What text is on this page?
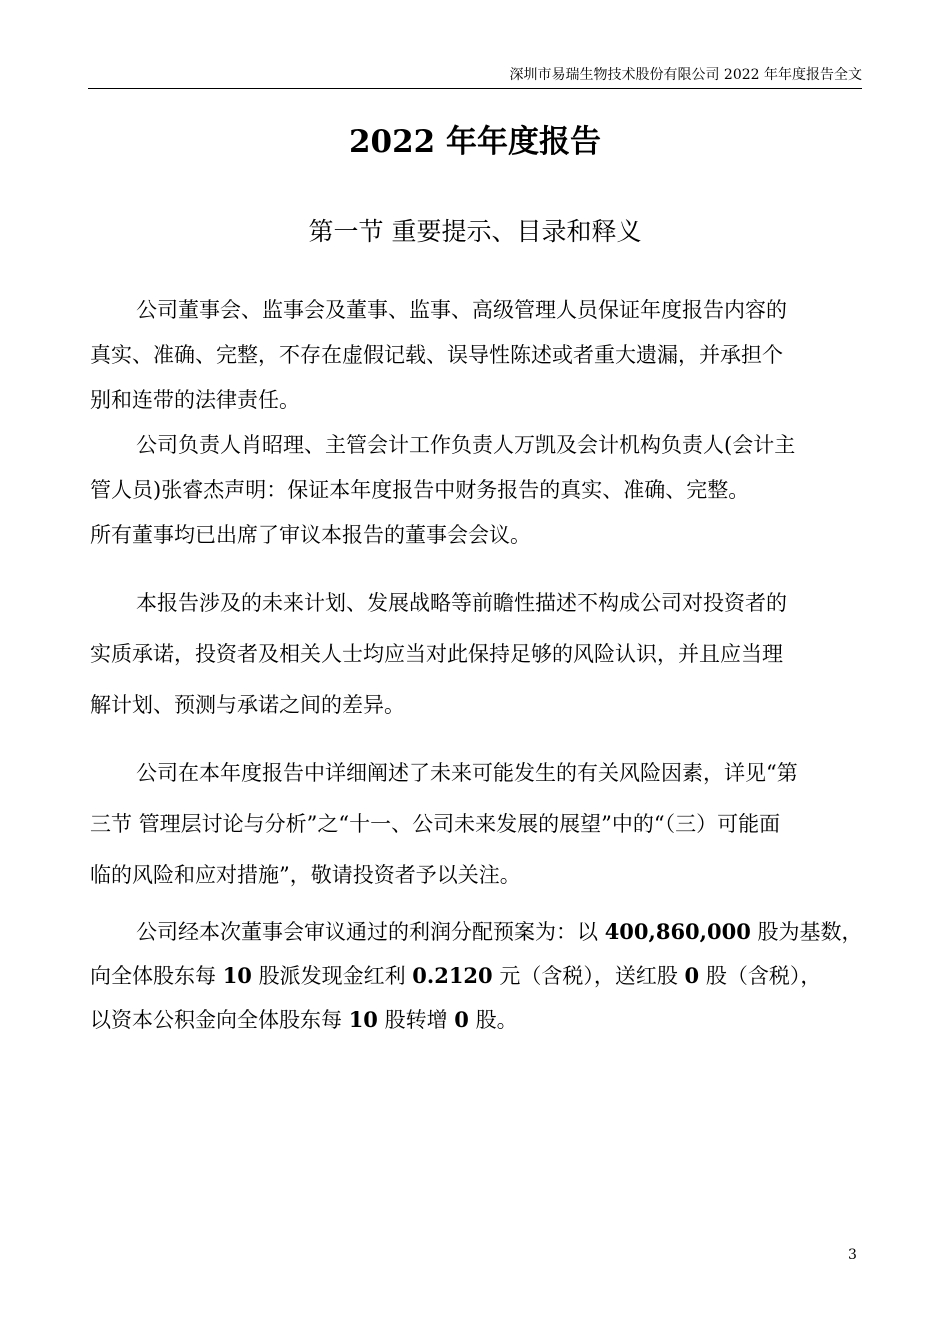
深圳市易瑞生物技术股份有限公司 2022 年年度报告全文
2022 年年度报告
第一节 重要提示、目录和释义
公司董事会、监事会及董事、监事、高级管理人员保证年度报告内容的
真实、准确、完整，不存在虚假记载、误导性陈述或者重大遗漏，并承担个
别和连带的法律责任。
公司负责人肖昭理、主管会计工作负责人万凯及会计机构负责人(会计主
管人员)张睿杰声明：保证本年度报告中财务报告的真实、准确、完整。
所有董事均已出席了审议本报告的董事会会议。
本报告涉及的未来计划、发展战略等前瞻性描述不构成公司对投资者的
实质承诺，投资者及相关人士均应当对此保持足够的风险认识，并且应当理
解计划、预测与承诺之间的差异。
公司在本年度报告中详细阐述了未来可能发生的有关风险因素，详见“第
三节 管理层讨论与分析”之“十一、公司未来发展的展望”中的“（三）可能面
临的风险和应对措施”，敬请投资者予以关注。
公司经本次董事会审议通过的利润分配预案为：以 400,860,000 股为基数，
向全体股东每 10 股派发现金红利 0.2120 元（含税），送红股 0 股（含税），
以资本公积金向全体股东每 10 股转增 0 股。
3
